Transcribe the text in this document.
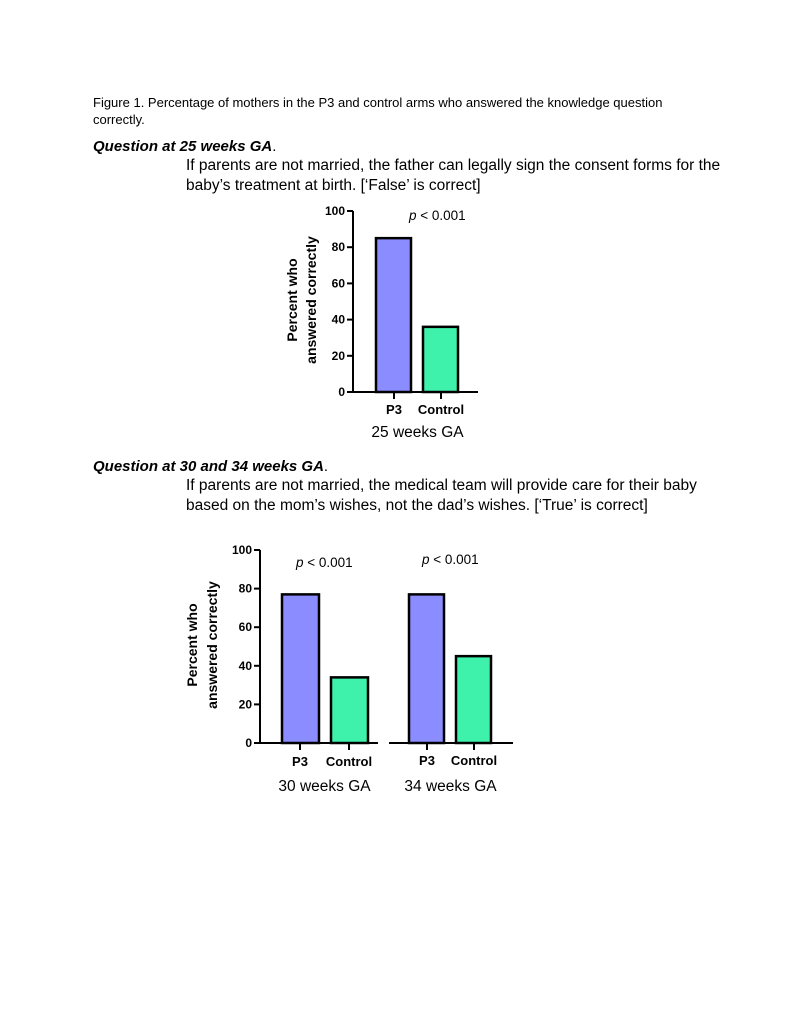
Figure 1. Percentage of mothers in the P3 and control arms who answered the knowledge question correctly.
Question at 25 weeks GA.
If parents are not married, the father can legally sign the consent forms for the baby’s treatment at birth. [‘False’ is correct]
Question at 30 and 34 weeks GA.
If parents are not married, the medical team will provide care for their baby based on the mom’s wishes, not the dad’s wishes. [‘True’ is correct]
0
20
40
60
80
100
Percent who answered correctly
P3 Control
25 weeks GA
p < 0.001
0
20
40
60
80
100
Percent who answered correctly
P3 Control
30 weeks GA
p < 0.001
P3 Control
34 weeks GA
p < 0.001
